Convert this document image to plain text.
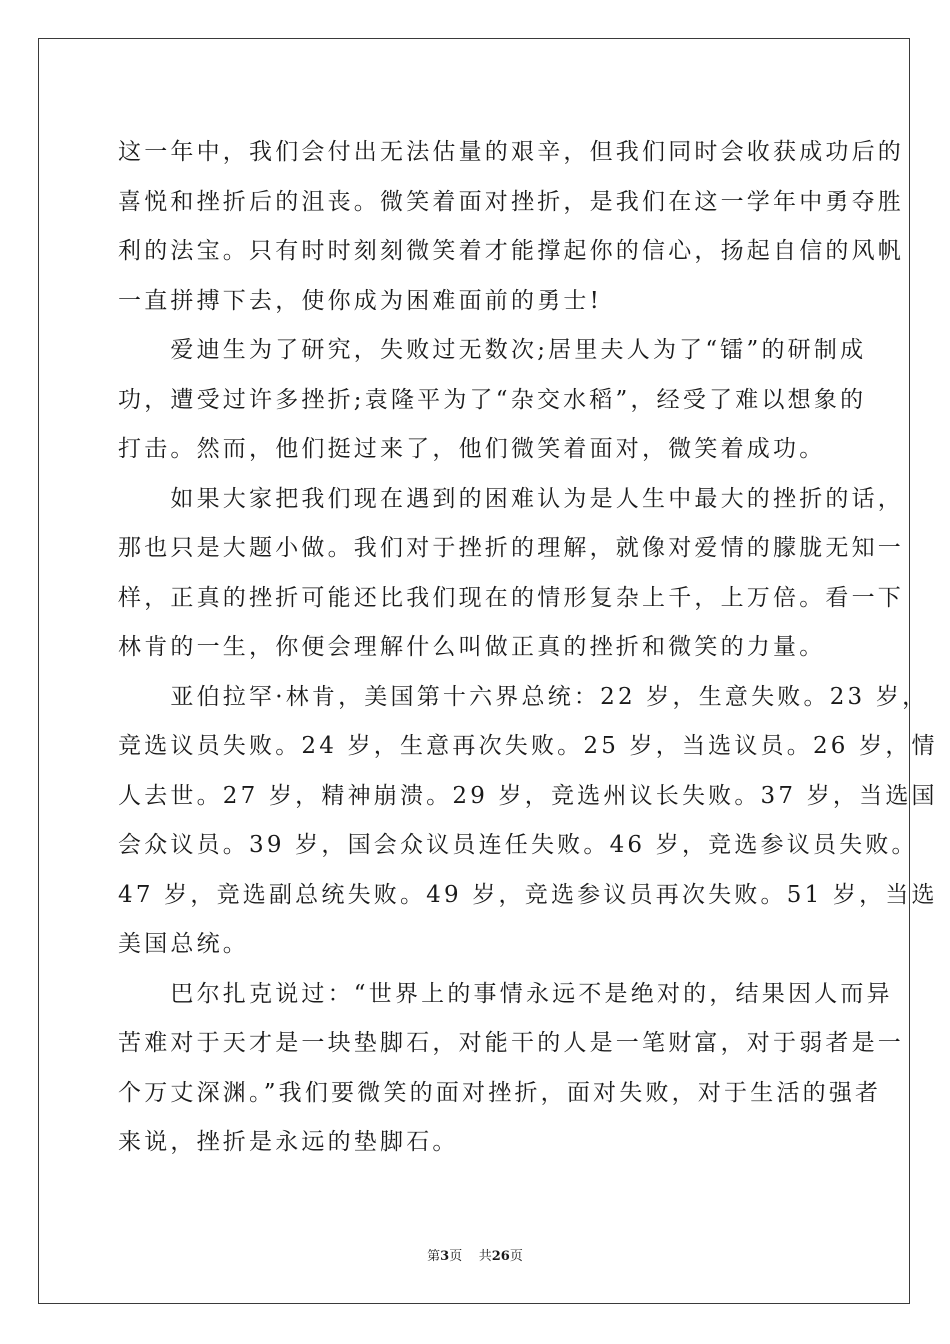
这一年中，我们会付出无法估量的艰辛，但我们同时会收获成功后的
喜悦和挫折后的沮丧。微笑着面对挫折，是我们在这一学年中勇夺胜
利的法宝。只有时时刻刻微笑着才能撑起你的信心，扬起自信的风帆
一直拼搏下去，使你成为困难面前的勇士!
　　爱迪生为了研究，失败过无数次;居里夫人为了“镭”的研制成
功，遭受过许多挫折;袁隆平为了“杂交水稻”，经受了难以想象的
打击。然而，他们挺过来了，他们微笑着面对，微笑着成功。
　　如果大家把我们现在遇到的困难认为是人生中最大的挫折的话，
那也只是大题小做。我们对于挫折的理解，就像对爱情的朦胧无知一
样，正真的挫折可能还比我们现在的情形复杂上千，上万倍。看一下
林肯的一生，你便会理解什么叫做正真的挫折和微笑的力量。
　　亚伯拉罕·林肯，美国第十六界总统：22 岁，生意失败。23 岁，
竞选议员失败。24 岁，生意再次失败。25 岁，当选议员。26 岁，情
人去世。27 岁，精神崩溃。29 岁，竞选州议长失败。37 岁，当选国
会众议员。39 岁，国会众议员连任失败。46 岁，竞选参议员失败。
47 岁，竞选副总统失败。49 岁，竞选参议员再次失败。51 岁，当选
美国总统。
　　巴尔扎克说过：“世界上的事情永远不是绝对的，结果因人而异
苦难对于天才是一块垫脚石，对能干的人是一笔财富，对于弱者是一
个万丈深渊。”我们要微笑的面对挫折，面对失败，对于生活的强者
来说，挫折是永远的垫脚石。
第3页 共26页
